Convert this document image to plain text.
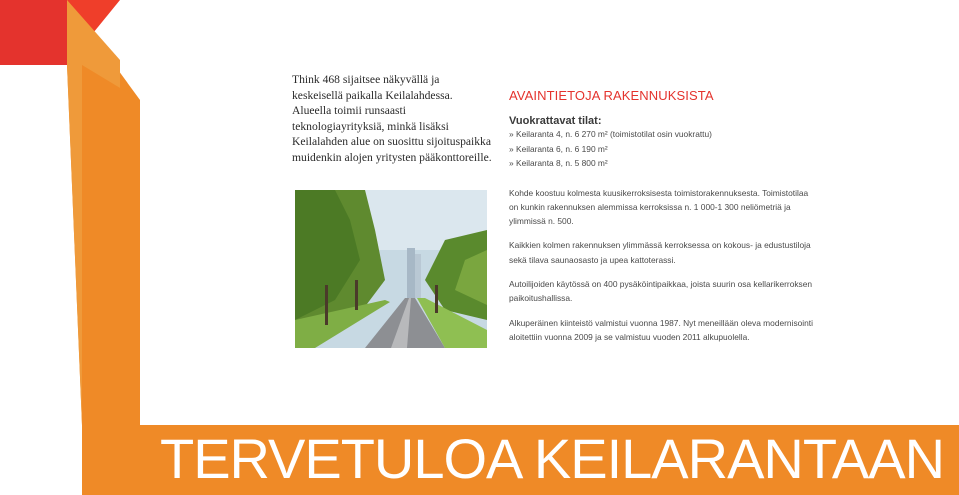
Think 468 sijaitsee näkyvällä ja keskeisellä paikalla Keilalahdessa. Alueella toimii runsaasti teknologiayrityksiä, minkä lisäksi Keilalahden alue on suosittu sijoituspaikka muidenkin alojen yritysten pääkonttoreille.

AVAINTIETOJA RAKENNUKSISTA
Vuokrattavat tilat:
» Keilaranta 4, n. 6 270 m² (toimistotilat osin vuokrattu)
» Keilaranta 6, n. 6 190 m²
» Keilaranta 8, n. 5 800 m²

Kohde koostuu kolmesta kuusikerroksisesta toimistorakennuksesta. Toimistotilaa on kunkin rakennuksen alemmissa kerroksissa n. 1 000-1 300 neliömetriä ja ylimmissä n. 500.

Kaikkien kolmen rakennuksen ylimmässä kerroksessa on kokous- ja edustustiloja sekä tilava saunaosasto ja upea kattoterassi.

Autoilijoiden käytössä on 400 pysäköintipaikkaa, joista suurin osa kellarikerroksen paikoitushallissa.

Alkuperäinen kiinteistö valmistui vuonna 1987. Nyt meneillään oleva modernisointi aloitettiin vuonna 2009 ja se valmistuu vuoden 2011 alkupuolella.

TERVETULOA KEILARANTAAN
